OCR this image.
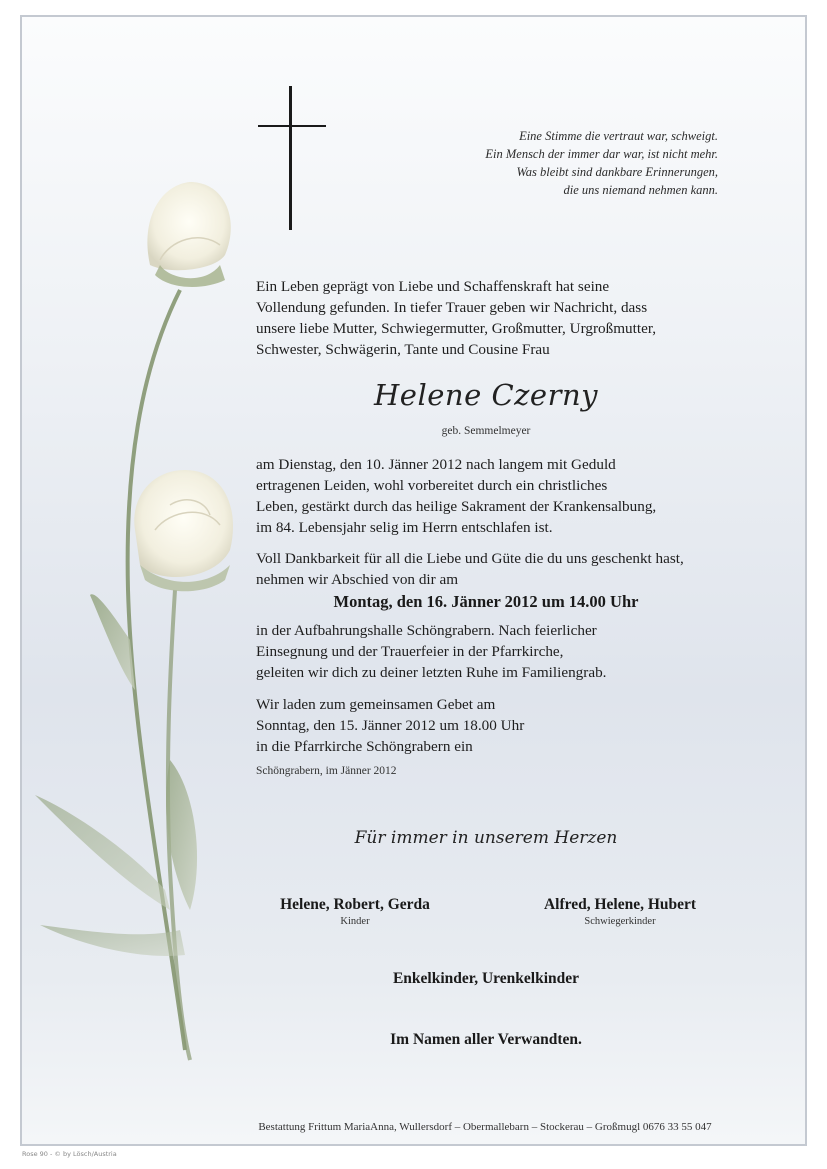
Eine Stimme die vertraut war, schweigt.
Ein Mensch der immer dar war, ist nicht mehr.
Was bleibt sind dankbare Erinnerungen,
die uns niemand nehmen kann.
Ein Leben geprägt von Liebe und Schaffenskraft hat seine
Vollendung gefunden. In tiefer Trauer geben wir Nachricht, dass
unsere liebe Mutter, Schwiegermutter, Großmutter, Urgroßmutter,
Schwester, Schwägerin, Tante und Cousine Frau
Helene Czerny
geb. Semmelmeyer
am Dienstag, den 10. Jänner 2012 nach langem mit Geduld
ertragenen Leiden, wohl vorbereitet durch ein christliches
Leben, gestärkt durch das heilige Sakrament der Krankensalbung,
im 84. Lebensjahr selig im Herrn entschlafen ist.
Voll Dankbarkeit für all die Liebe und Güte die du uns geschenkt hast,
nehmen wir Abschied von dir am
Montag, den 16. Jänner 2012 um 14.00 Uhr
in der Aufbahrungshalle Schöngrabern. Nach feierlicher
Einsegnung und der Trauerfeier in der Pfarrkirche,
geleiten wir dich zu deiner letzten Ruhe im Familiengrab.
Wir laden zum gemeinsamen Gebet am
Sonntag, den 15. Jänner 2012 um 18.00 Uhr
in die Pfarrkirche Schöngrabern ein
Schöngrabern, im Jänner 2012
Für immer in unserem Herzen
Helene, Robert, Gerda
Kinder
Alfred, Helene, Hubert
Schwiegerkinder
Enkelkinder, Urenkelkinder
Im Namen aller Verwandten.
Bestattung Frittum MariaAnna, Wullersdorf – Obermallebarn – Stockerau – Großmugl 0676 33 55 047
Rose 90 - © by Lösch/Austria
